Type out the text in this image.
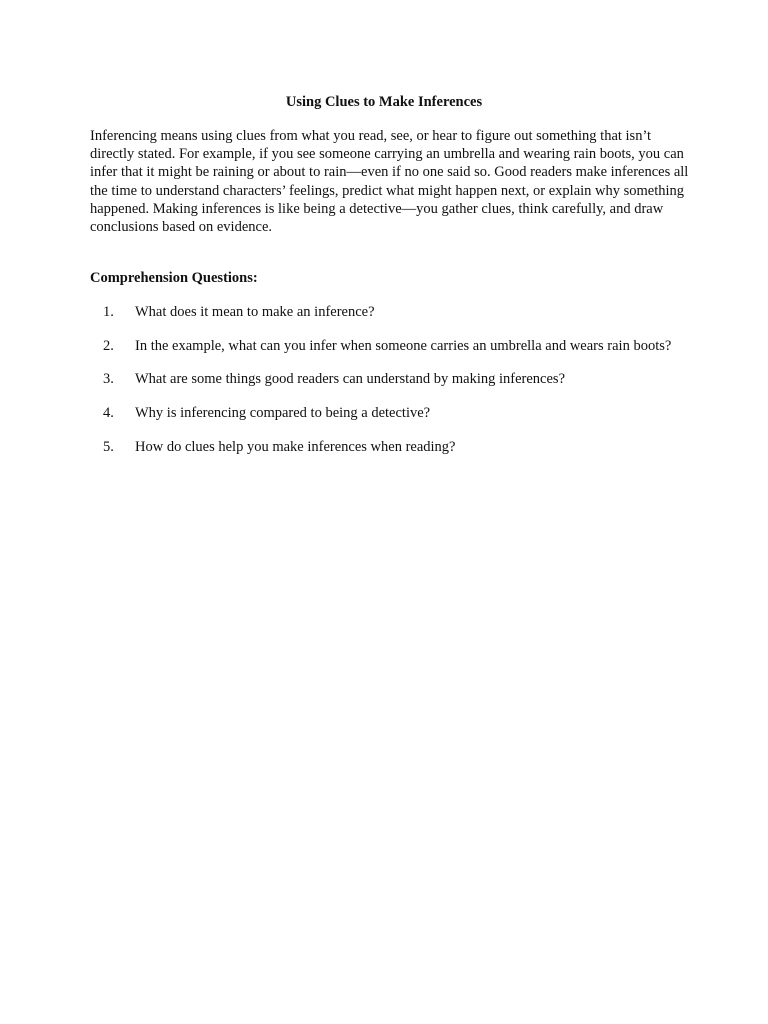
Using Clues to Make Inferences

Inferencing means using clues from what you read, see, or hear to figure out something that isn’t directly stated. For example, if you see someone carrying an umbrella and wearing rain boots, you can infer that it might be raining or about to rain—even if no one said so. Good readers make inferences all the time to understand characters’ feelings, predict what might happen next, or explain why something happened. Making inferences is like being a detective—you gather clues, think carefully, and draw conclusions based on evidence.

Comprehension Questions:
1.	What does it mean to make an inference?
2.	In the example, what can you infer when someone carries an umbrella and wears rain boots?
3.	What are some things good readers can understand by making inferences?
4.	Why is inferencing compared to being a detective?
5.	How do clues help you make inferences when reading?
